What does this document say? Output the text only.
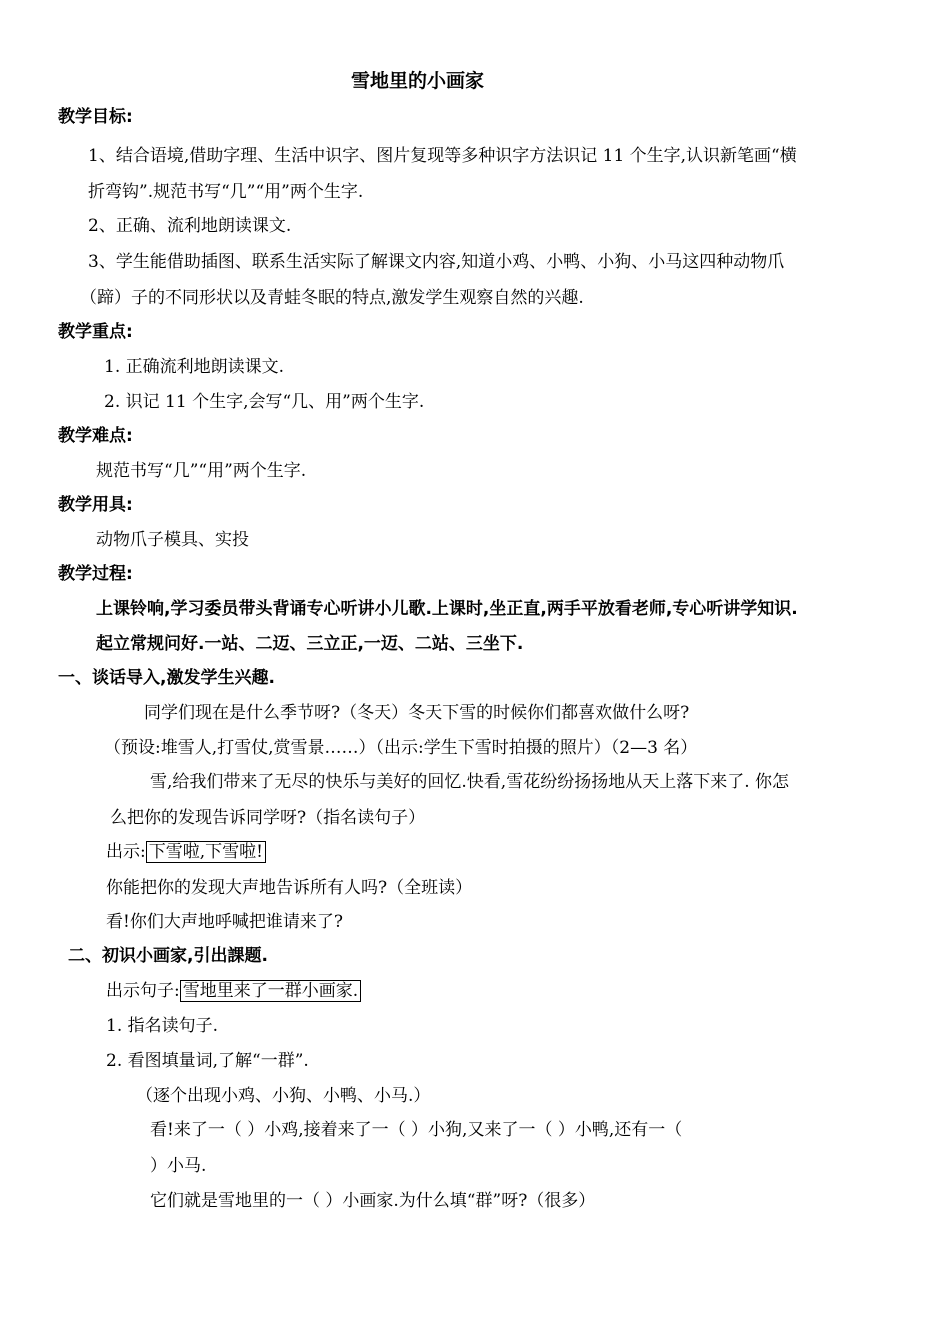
雪地里的小画家
教学目标:
1、结合语境,借助字理、生活中识字、图片复现等多种识字方法识记 11 个生字,认识新笔画“横
折弯钩”.规范书写“几”“用”两个生字.
2、正确、流利地朗读课文.
3、学生能借助插图、联系生活实际了解课文内容,知道小鸡、小鸭、小狗、小马这四种动物爪
（蹄）子的不同形状以及青蛙冬眠的特点,激发学生观察自然的兴趣.
教学重点:
1. 正确流利地朗读课文.
2. 识记 11 个生字,会写“几、用”两个生字.
教学难点:
规范书写“几”“用”两个生字.
教学用具:
动物爪子模具、实投
教学过程:
上课铃响,学习委员带头背诵专心听讲小儿歌.上课时,坐正直,两手平放看老师,专心听讲学知识.
起立常规问好.一站、二迈、三立正,一迈、二站、三坐下.
一、谈话导入,激发学生兴趣.
同学们现在是什么季节呀?（冬天）冬天下雪的时候你们都喜欢做什么呀?
（预设:堆雪人,打雪仗,赏雪景……）（出示:学生下雪时拍摄的照片）（2—3 名）
雪,给我们带来了无尽的快乐与美好的回忆.快看,雪花纷纷扬扬地从天上落下来了. 你怎
么把你的发现告诉同学呀?（指名读句子）
出示: 下雪啦,下雪啦!
你能把你的发现大声地告诉所有人吗?（全班读）
看!你们大声地呼喊把谁请来了?
二、初识小画家,引出課题.
出示句子: 雪地里来了一群小画家.
1. 指名读句子.
2. 看图填量词,了解“一群”.
（逐个出现小鸡、小狗、小鸭、小马.）
看!来了一（ ）小鸡,接着来了一（ ）小狗,又来了一（ ）小鸭,还有一（
）小马.
它们就是雪地里的一（ ）小画家.为什么填“群”呀?（很多）
